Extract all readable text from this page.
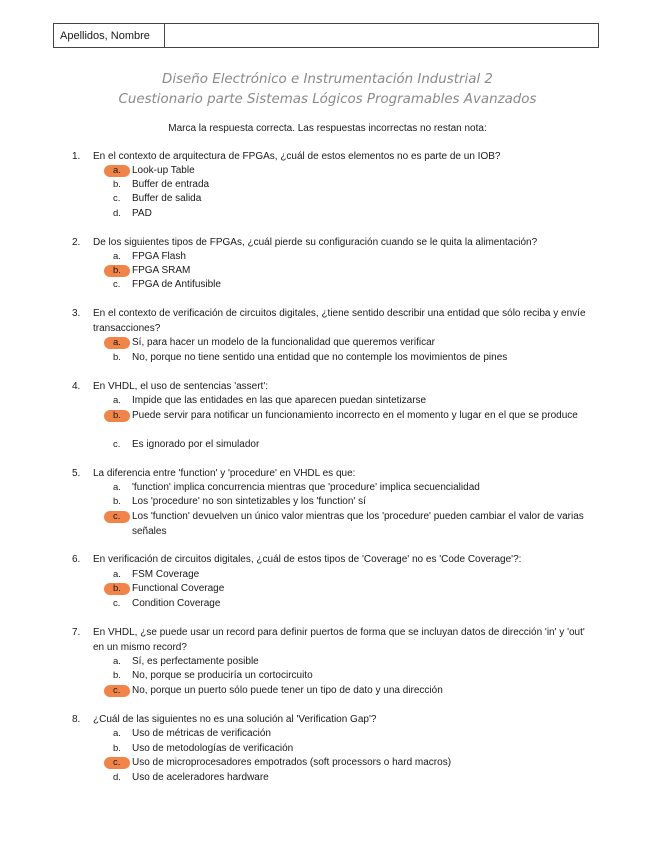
Apellidos, Nombre
Diseño Electrónico e Instrumentación Industrial 2
Cuestionario parte Sistemas Lógicos Programables Avanzados
Marca la respuesta correcta. Las respuestas incorrectas no restan nota:
1. En el contexto de arquitectura de FPGAs, ¿cuál de estos elementos no es parte de un IOB?
a. Look-up Table
b. Buffer de entrada
c. Buffer de salida
d. PAD
2. De los siguientes tipos de FPGAs, ¿cuál pierde su configuración cuando se le quita la alimentación?
a. FPGA Flash
b. FPGA SRAM
c. FPGA de Antifusible
3. En el contexto de verificación de circuitos digitales, ¿tiene sentido describir una entidad que sólo reciba y envíe transacciones?
a. Sí, para hacer un modelo de la funcionalidad que queremos verificar
b. No, porque no tiene sentido una entidad que no contemple los movimientos de pines
4. En VHDL, el uso de sentencias 'assert':
a. Impide que las entidades en las que aparecen puedan sintetizarse
b. Puede servir para notificar un funcionamiento incorrecto en el momento y lugar en el que se produce
c. Es ignorado por el simulador
5. La diferencia entre 'function' y 'procedure' en VHDL es que:
a. 'function' implica concurrencia mientras que 'procedure' implica secuencialidad
b. Los 'procedure' no son sintetizables y los 'function' sí
c. Los 'function' devuelven un único valor mientras que los 'procedure' pueden cambiar el valor de varias señales
6. En verificación de circuitos digitales, ¿cuál de estos tipos de 'Coverage' no es 'Code Coverage'?:
a. FSM Coverage
b. Functional Coverage
c. Condition Coverage
7. En VHDL, ¿se puede usar un record para definir puertos de forma que se incluyan datos de dirección 'in' y 'out' en un mismo record?
a. Sí, es perfectamente posible
b. No, porque se produciría un cortocircuito
c. No, porque un puerto sólo puede tener un tipo de dato y una dirección
8. ¿Cuál de las siguientes no es una solución al 'Verification Gap'?
a. Uso de métricas de verificación
b. Uso de metodologías de verificación
c. Uso de microprocesadores empotrados (soft processors o hard macros)
d. Uso de aceleradores hardware
